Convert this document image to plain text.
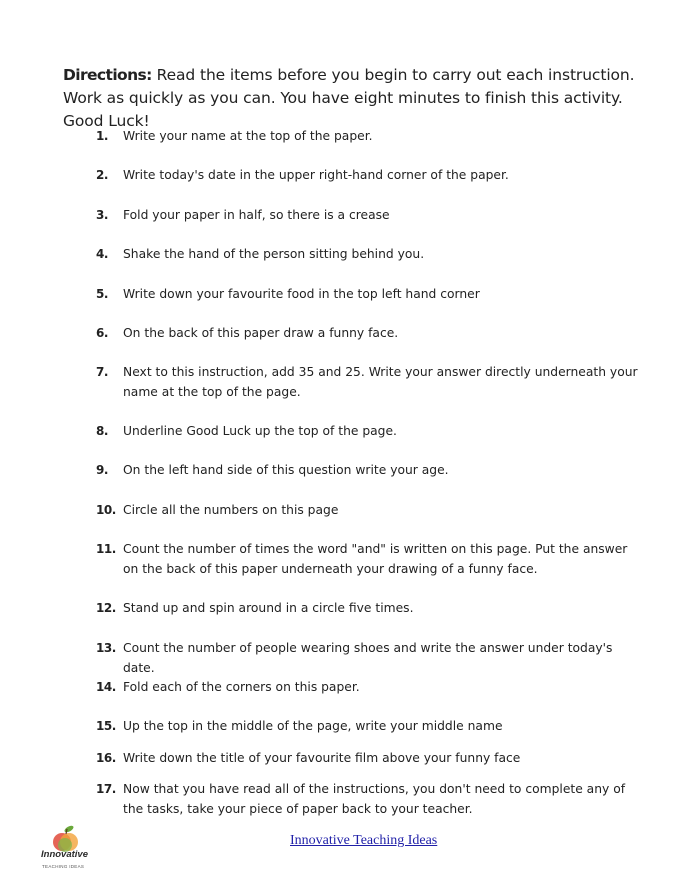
Directions: Read the items before you begin to carry out each instruction. Work as quickly as you can. You have eight minutes to finish this activity. Good Luck!

1.	Write your name at the top of the paper.
2.	Write today's date in the upper right-hand corner of the paper.
3.	Fold your paper in half, so there is a crease
4.	Shake the hand of the person sitting behind you.
5.	Write down your favourite food in the top left hand corner
6.	On the back of this paper draw a funny face.
7.	Next to this instruction, add 35 and 25. Write your answer directly underneath your name at the top of the page.
8.	Underline Good Luck up the top of the page.
9.	On the left hand side of this question write your age.
10. Circle all the numbers on this page
11. Count the number of times the word "and" is written on this page. Put the answer on the back of this paper underneath your drawing of a funny face.
12. Stand up and spin around in a circle five times.
13. Count the number of people wearing shoes and write the answer under today's date.
14. Fold each of the corners on this paper.
15. Up the top in the middle of the page, write your middle name
16. Write down the title of your favourite film above your funny face
17. Now that you have read all of the instructions, you don't need to complete any of the tasks, take your piece of paper back to your teacher.
Innovative
TEACHING IDEAS
Innovative Teaching Ideas
